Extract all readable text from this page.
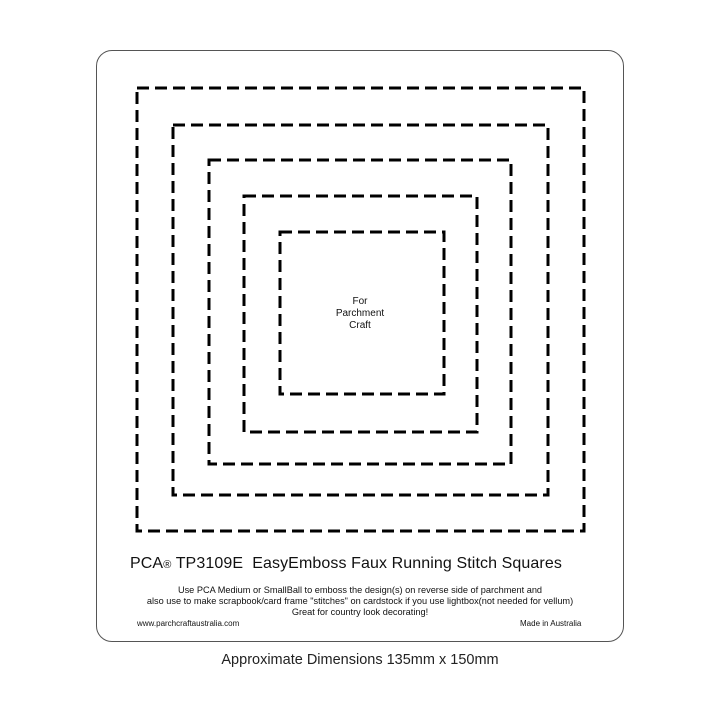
For
Parchment
Craft
PCA® TP3109E EasyEmboss Faux Running Stitch Squares
Use PCA Medium or SmallBall to emboss the design(s) on reverse side of parchment and
also use to make scrapbook/card frame "stitches" on cardstock if you use lightbox(not needed for vellum)
Great for country look decorating!
www.parchcraftaustralia.com	Made in Australia
Approximate Dimensions 135mm x 150mm
